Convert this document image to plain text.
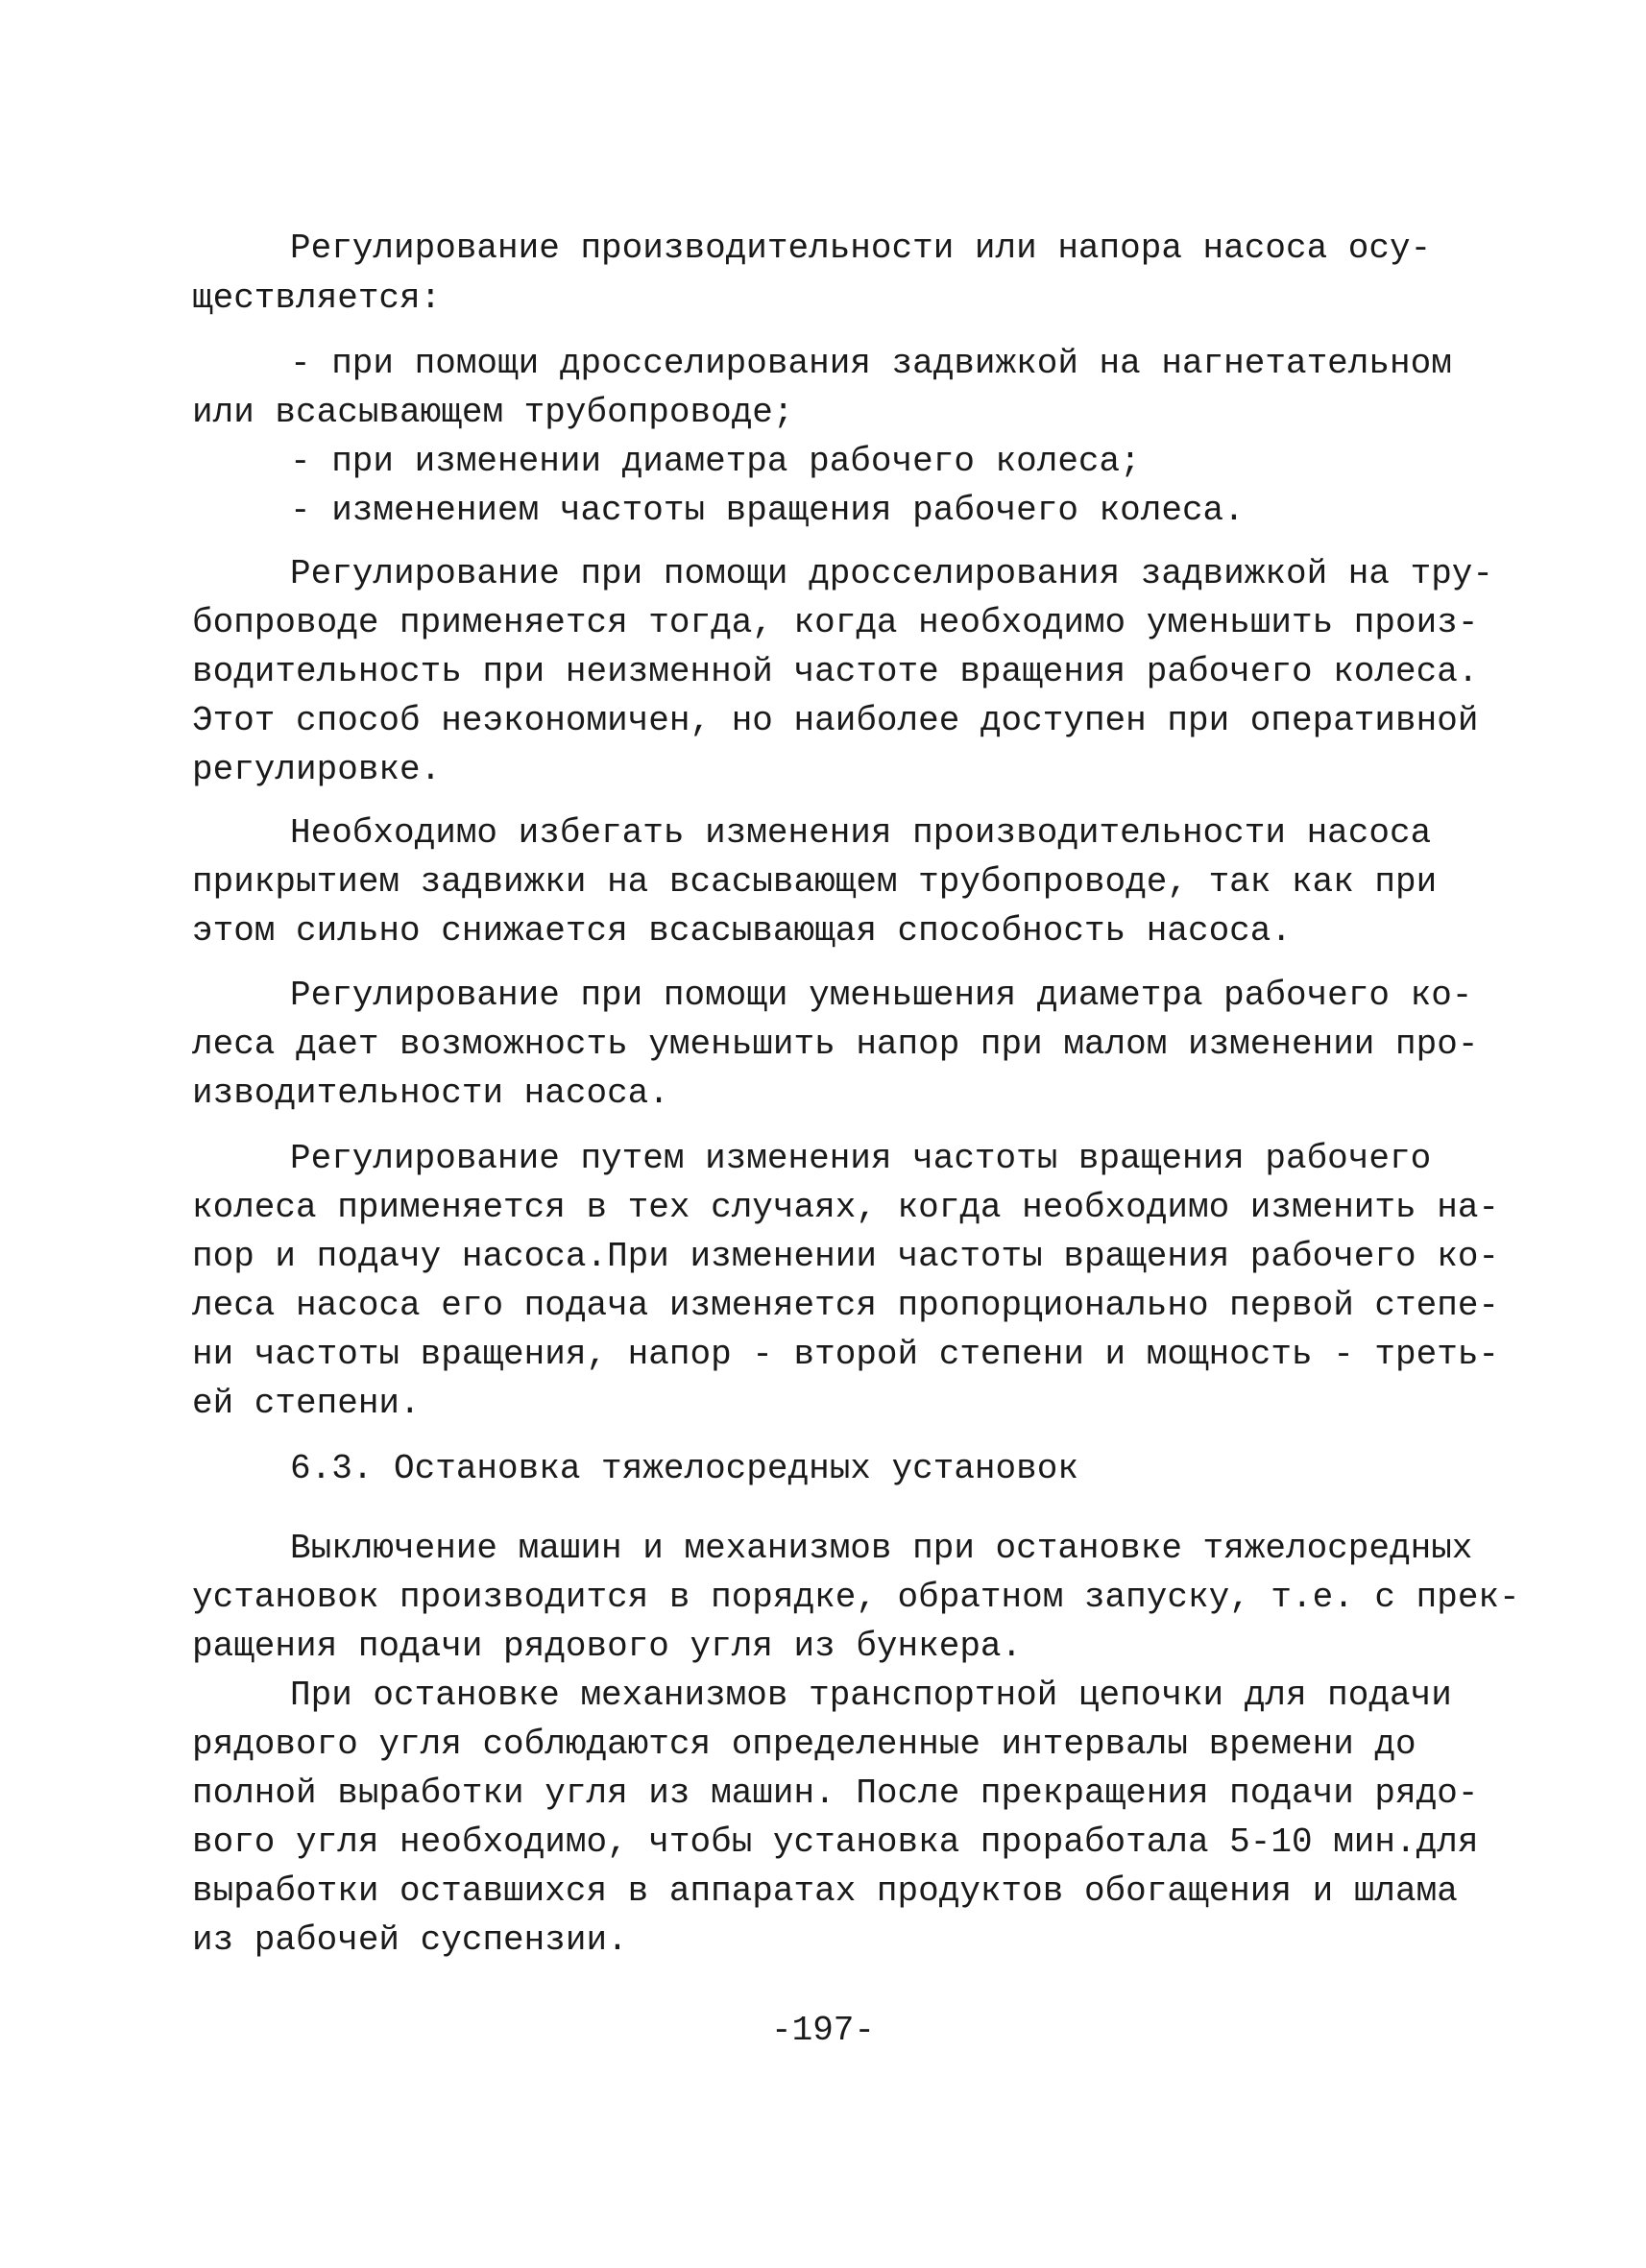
Регулирование производительности или напора насоса осу-
ществляется:
- при помощи дросселирования задвижкой на нагнетательном
или всасывающем трубопроводе;
- при изменении диаметра рабочего колеса;
- изменением частоты вращения рабочего колеса.
Регулирование при помощи дросселирования задвижкой на тру-
бопроводе применяется тогда, когда необходимо уменьшить произ-
водительность при неизменной частоте вращения рабочего колеса.
Этот способ неэкономичен, но наиболее доступен при оперативной
регулировке.
Необходимо избегать изменения производительности насоса
прикрытием задвижки на всасывающем трубопроводе, так как при
этом сильно снижается всасывающая способность насоса.
Регулирование при помощи уменьшения диаметра рабочего ко-
леса дает возможность уменьшить напор при малом изменении про-
изводительности насоса.
Регулирование путем изменения частоты вращения рабочего
колеса применяется в тех случаях, когда необходимо изменить на-
пор и подачу насоса.При изменении частоты вращения рабочего ко-
леса насоса его подача изменяется пропорционально первой степе-
ни частоты вращения, напор - второй степени и мощность - треть-
ей степени.
6.3. Остановка тяжелосредных установок
Выключение машин и механизмов при остановке тяжелосредных
установок производится в порядке, обратном запуску, т.е. с прек-
ращения подачи рядового угля из бункера.
При остановке механизмов транспортной цепочки для подачи
рядового угля соблюдаются определенные интервалы времени до
полной выработки угля из машин. После прекращения подачи рядо-
вого угля необходимо, чтобы установка проработала 5-10 мин.для
выработки оставшихся в аппаратах продуктов обогащения и шлама
из рабочей суспензии.
-197-
